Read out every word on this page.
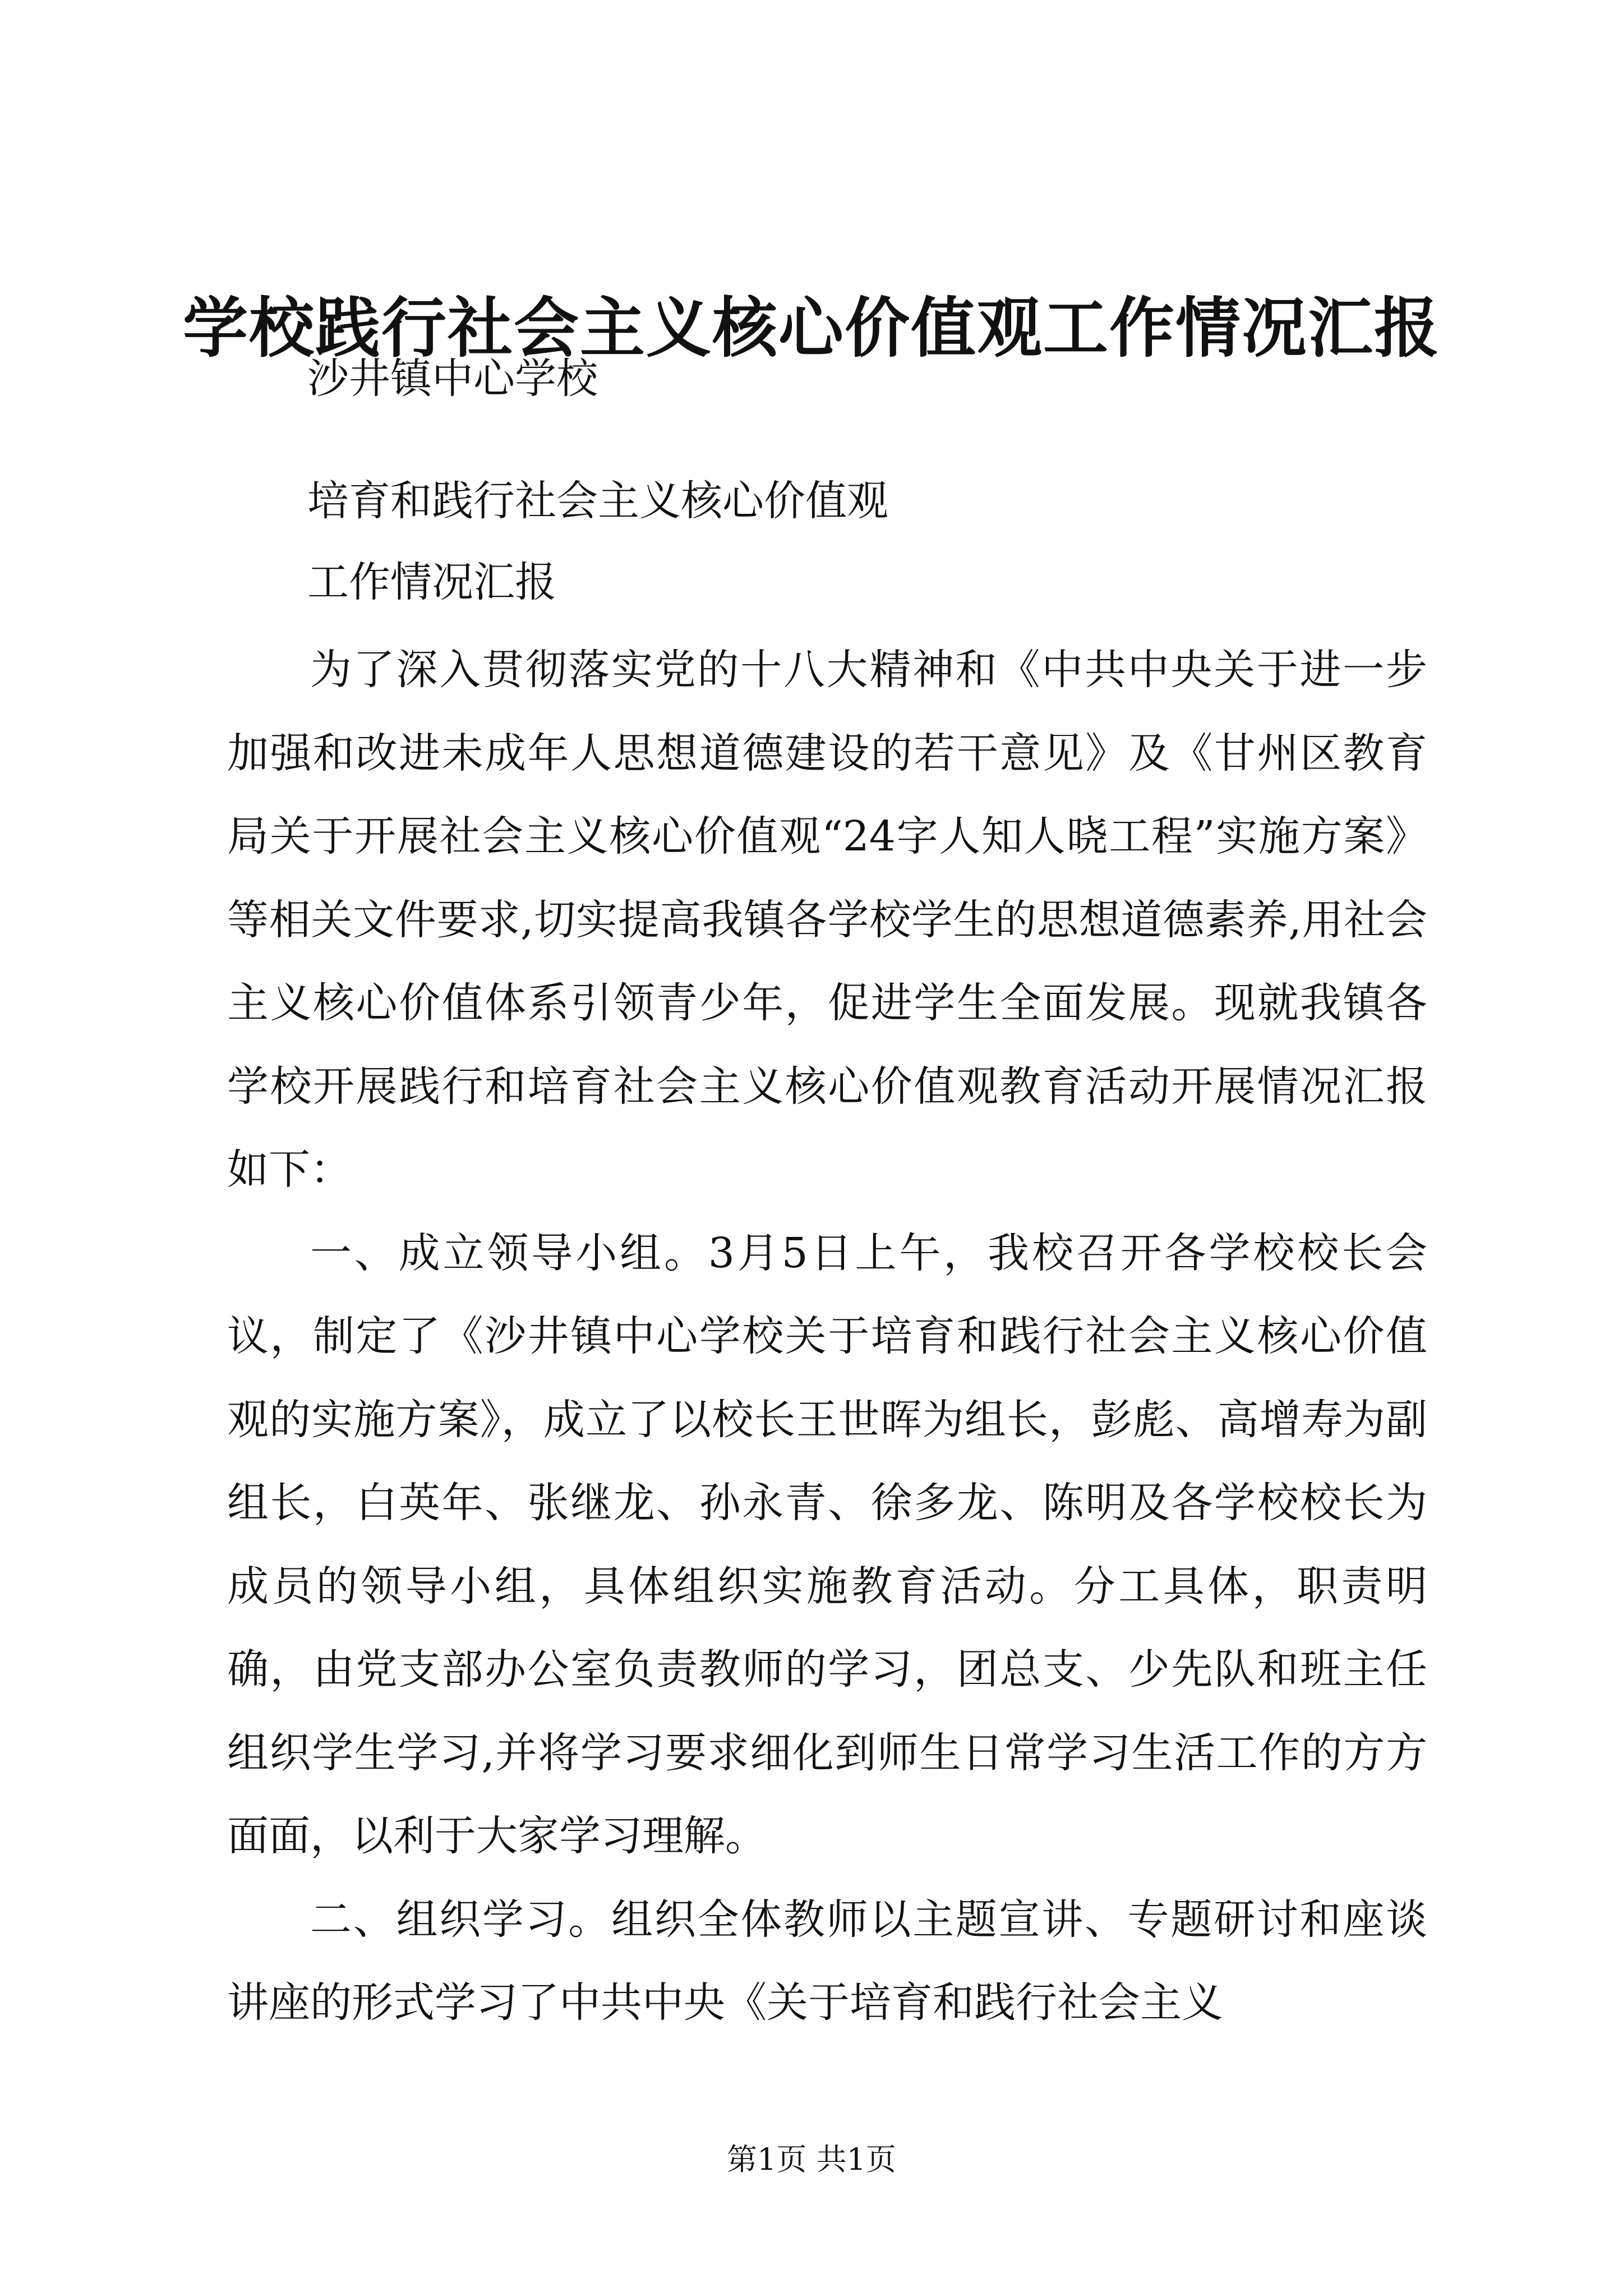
学校践行社会主义核心价值观工作情况汇报
沙井镇中心学校
培育和践行社会主义核心价值观
工作情况汇报

为了深入贯彻落实党的十八大精神和《中共中央关于进一步加强和改进未成年人思想道德建设的若干意见》及《甘州区教育局关于开展社会主义核心价值观“24字人知人晓工程”实施方案》等相关文件要求,切实提高我镇各学校学生的思想道德素养,用社会主义核心价值体系引领青少年，促进学生全面发展。现就我镇各学校开展践行和培育社会主义核心价值观教育活动开展情况汇报如下：

一、成立领导小组。3月5日上午，我校召开各学校校长会议，制定了《沙井镇中心学校关于培育和践行社会主义核心价值观的实施方案》，成立了以校长王世晖为组长，彭彪、高增寿为副组长，白英年、张继龙、孙永青、徐多龙、陈明及各学校校长为成员的领导小组，具体组织实施教育活动。分工具体，职责明确，由党支部办公室负责教师的学习，团总支、少先队和班主任组织学生学习,并将学习要求细化到师生日常学习生活工作的方方面面，以利于大家学习理解。

二、组织学习。组织全体教师以主题宣讲、专题研讨和座谈讲座的形式学习了中共中央《关于培育和践行社会主义

第1页 共1页
